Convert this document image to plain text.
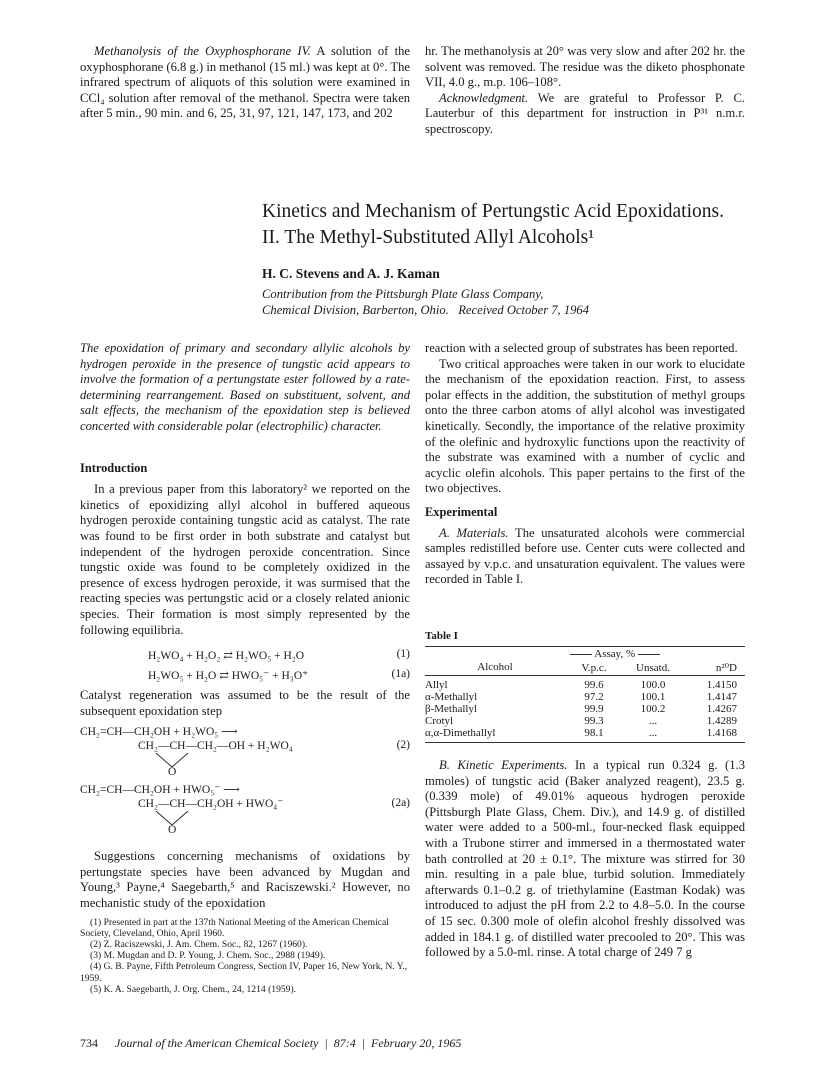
Methanolysis of the Oxyphosphorane IV. A solution of the oxyphosphorane (6.8 g.) in methanol (15 ml.) was kept at 0°. The infrared spectrum of aliquots of this solution were examined in CCl₄ solution after removal of the methanol. Spectra were taken after 5 min., 90 min. and 6, 25, 31, 97, 121, 147, 173, and 202

hr. The methanolysis at 20° was very slow and after 202 hr. the solvent was removed. The residue was the diketo phosphonate VII, 4.0 g., m.p. 106–108°.

Acknowledgment. We are grateful to Professor P. C. Lauterbur of this department for instruction in P³¹ n.m.r. spectroscopy.

Kinetics and Mechanism of Pertungstic Acid Epoxidations.
II. The Methyl-Substituted Allyl Alcohols¹
H. C. Stevens and A. J. Kaman
Contribution from the Pittsburgh Plate Glass Company,
Chemical Division, Barberton, Ohio.   Received October 7, 1964

The epoxidation of primary and secondary allylic alcohols by hydrogen peroxide in the presence of tungstic acid appears to involve the formation of a pertungstate ester followed by a rate-determining rearrangement. Based on substituent, solvent, and salt effects, the mechanism of the epoxidation step is believed concerted with considerable polar (electrophilic) character.

Introduction

In a previous paper from this laboratory² we reported on the kinetics of epoxidizing allyl alcohol in buffered aqueous hydrogen peroxide containing tungstic acid as catalyst. The rate was found to be first order in both substrate and catalyst but independent of the hydrogen peroxide concentration. Since tungstic oxide was found to be completely oxidized in the presence of excess hydrogen peroxide, it was surmised that the reacting species was pertungstic acid or a closely related anionic species. Their formation is most simply represented by the following equilibria.

H₂WO₄ + H₂O₂ ⇄ H₂WO₅ + H₂O	(1)
H₂WO₅ + H₂O ⇄ HWO₅⁻ + H₃O⁺	(1a)

Catalyst regeneration was assumed to be the result of the subsequent epoxidation step

CH₂=CH—CH₂OH + H₂WO₅ ⟶

CH₂—CH—CH₂—OH + H₂WO₄

O
(2)

CH₂=CH—CH₂OH + HWO₅⁻ ⟶

CH₂—CH—CH₂OH + HWO₄⁻

O
(2a)

Suggestions concerning mechanisms of oxidations by pertungstate species have been advanced by Mugdan and Young,³ Payne,⁴ Saegebarth,⁵ and Raciszewski.² However, no mechanistic study of the epoxidation

(1) Presented in part at the 137th National Meeting of the American Chemical Society, Cleveland, Ohio, April 1960.

(2) Z. Raciszewski, J. Am. Chem. Soc., 82, 1267 (1960).

(3) M. Mugdan and D. P. Young, J. Chem. Soc., 2988 (1949).

(4) G. B. Payne, Fifth Petroleum Congress, Section IV, Paper 16, New York, N. Y., 1959.

(5) K. A. Saegebarth, J. Org. Chem., 24, 1214 (1959).

reaction with a selected group of substrates has been reported.

Two critical approaches were taken in our work to elucidate the mechanism of the epoxidation reaction. First, to assess polar effects in the addition, the substitution of methyl groups onto the three carbon atoms of allyl alcohol was investigated kinetically. Secondly, the importance of the relative proximity of the olefinic and hydroxylic functions upon the reactivity of the substrate was examined with a number of cyclic and acyclic olefin alcohols. This paper pertains to the first of the two objectives.

Experimental

A. Materials. The unsaturated alcohols were commercial samples redistilled before use. Center cuts were collected and assayed by v.p.c. and unsaturation equivalent. The values were recorded in Table I.

Table I
Assay, %
Alcohol	V.p.c.	Unsatd.	n²⁰D

Allyl	99.6	100.0	1.4150
α-Methallyl	97.2	100.1	1.4147
β-Methallyl	99.9	100.2	1.4267
Crotyl	99.3	...	1.4289
α,α-Dimethallyl	98.1	...	1.4168

B. Kinetic Experiments. In a typical run 0.324 g. (1.3 mmoles) of tungstic acid (Baker analyzed reagent), 23.5 g. (0.339 mole) of 49.01% aqueous hydrogen peroxide (Pittsburgh Plate Glass, Chem. Div.), and 14.9 g. of distilled water were added to a 500-ml., four-necked flask equipped with a Trubone stirrer and immersed in a thermostated water bath controlled at 20 ± 0.1°. The mixture was stirred for 30 min. resulting in a pale blue, turbid solution. Immediately afterwards 0.1–0.2 g. of triethylamine (Eastman Kodak) was introduced to adjust the pH from 2.2 to 4.8–5.0. In the course of 15 sec. 0.300 mole of olefin alcohol freshly dissolved was added in 184.1 g. of distilled water precooled to 20°. This was followed by a 5.0-ml. rinse. A total charge of 249 7 g

734 Journal of the American Chemical Society  |  87:4  |  February 20, 1965
